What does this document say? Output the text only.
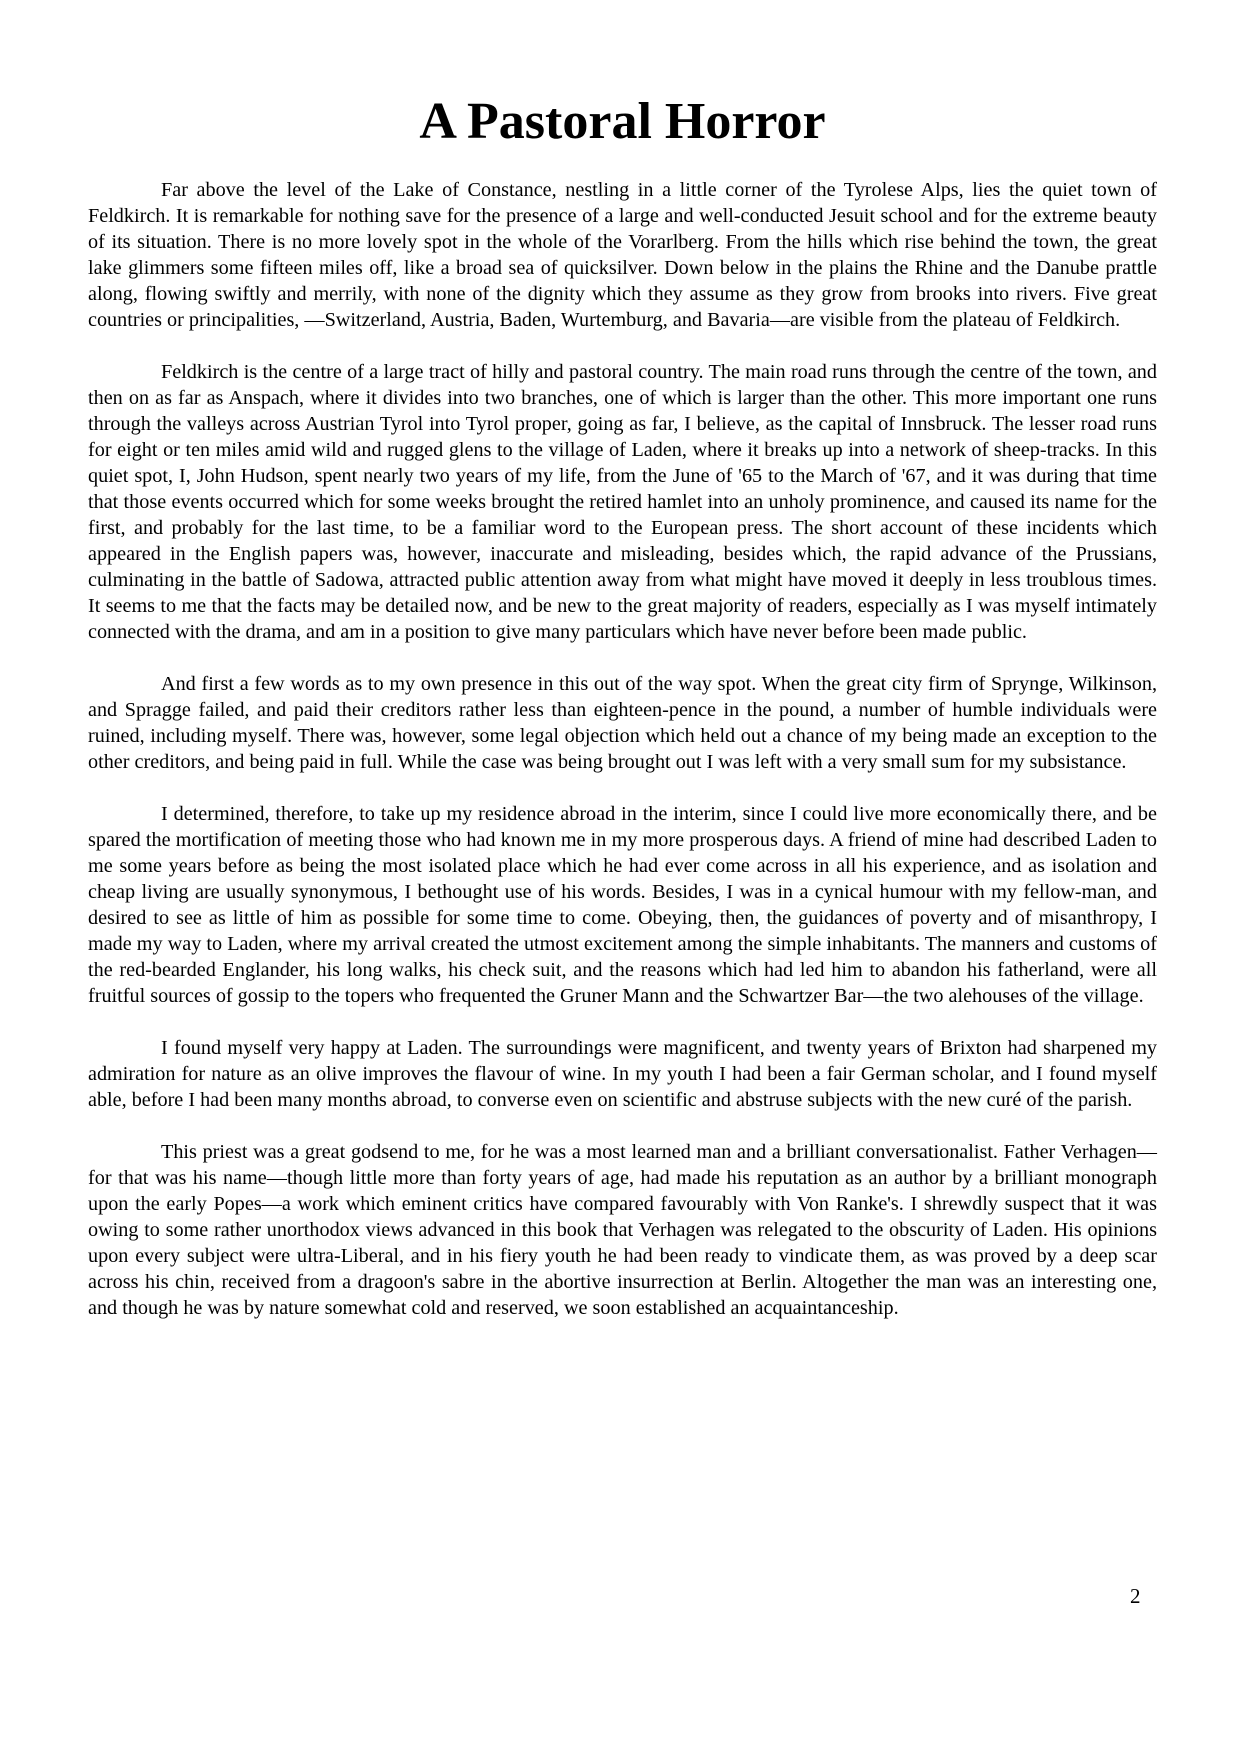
A Pastoral Horror

Far above the level of the Lake of Constance, nestling in a little corner of the Tyrolese Alps, lies the quiet town of Feldkirch. It is remarkable for nothing save for the presence of a large and well-conducted Jesuit school and for the extreme beauty of its situation. There is no more lovely spot in the whole of the Vorarlberg. From the hills which rise behind the town, the great lake glimmers some fifteen miles off, like a broad sea of quicksilver. Down below in the plains the Rhine and the Danube prattle along, flowing swiftly and merrily, with none of the dignity which they assume as they grow from brooks into rivers. Five great countries or principalities, —Switzerland, Austria, Baden, Wurtemburg, and Bavaria—are visible from the plateau of Feldkirch.

Feldkirch is the centre of a large tract of hilly and pastoral country. The main road runs through the centre of the town, and then on as far as Anspach, where it divides into two branches, one of which is larger than the other. This more important one runs through the valleys across Austrian Tyrol into Tyrol proper, going as far, I believe, as the capital of Innsbruck. The lesser road runs for eight or ten miles amid wild and rugged glens to the village of Laden, where it breaks up into a network of sheep-tracks. In this quiet spot, I, John Hudson, spent nearly two years of my life, from the June of '65 to the March of '67, and it was during that time that those events occurred which for some weeks brought the retired hamlet into an unholy prominence, and caused its name for the first, and probably for the last time, to be a familiar word to the European press. The short account of these incidents which appeared in the English papers was, however, inaccurate and misleading, besides which, the rapid advance of the Prussians, culminating in the battle of Sadowa, attracted public attention away from what might have moved it deeply in less troublous times. It seems to me that the facts may be detailed now, and be new to the great majority of readers, especially as I was myself intimately connected with the drama, and am in a position to give many particulars which have never before been made public.

And first a few words as to my own presence in this out of the way spot. When the great city firm of Sprynge, Wilkinson, and Spragge failed, and paid their creditors rather less than eighteen-pence in the pound, a number of humble individuals were ruined, including myself. There was, however, some legal objection which held out a chance of my being made an exception to the other creditors, and being paid in full. While the case was being brought out I was left with a very small sum for my subsistance.

I determined, therefore, to take up my residence abroad in the interim, since I could live more economically there, and be spared the mortification of meeting those who had known me in my more prosperous days. A friend of mine had described Laden to me some years before as being the most isolated place which he had ever come across in all his experience, and as isolation and cheap living are usually synonymous, I bethought use of his words. Besides, I was in a cynical humour with my fellow-man, and desired to see as little of him as possible for some time to come. Obeying, then, the guidances of poverty and of misanthropy, I made my way to Laden, where my arrival created the utmost excitement among the simple inhabitants. The manners and customs of the red-bearded Englander, his long walks, his check suit, and the reasons which had led him to abandon his fatherland, were all fruitful sources of gossip to the topers who frequented the Gruner Mann and the Schwartzer Bar—the two alehouses of the village.

I found myself very happy at Laden. The surroundings were magnificent, and twenty years of Brixton had sharpened my admiration for nature as an olive improves the flavour of wine. In my youth I had been a fair German scholar, and I found myself able, before I had been many months abroad, to converse even on scientific and abstruse subjects with the new curé of the parish.

This priest was a great godsend to me, for he was a most learned man and a brilliant conversationalist. Father Verhagen—for that was his name—though little more than forty years of age, had made his reputation as an author by a brilliant monograph upon the early Popes—a work which eminent critics have compared favourably with Von Ranke's. I shrewdly suspect that it was owing to some rather unorthodox views advanced in this book that Verhagen was relegated to the obscurity of Laden. His opinions upon every subject were ultra-Liberal, and in his fiery youth he had been ready to vindicate them, as was proved by a deep scar across his chin, received from a dragoon's sabre in the abortive insurrection at Berlin. Altogether the man was an interesting one, and though he was by nature somewhat cold and reserved, we soon established an acquaintanceship.

2
